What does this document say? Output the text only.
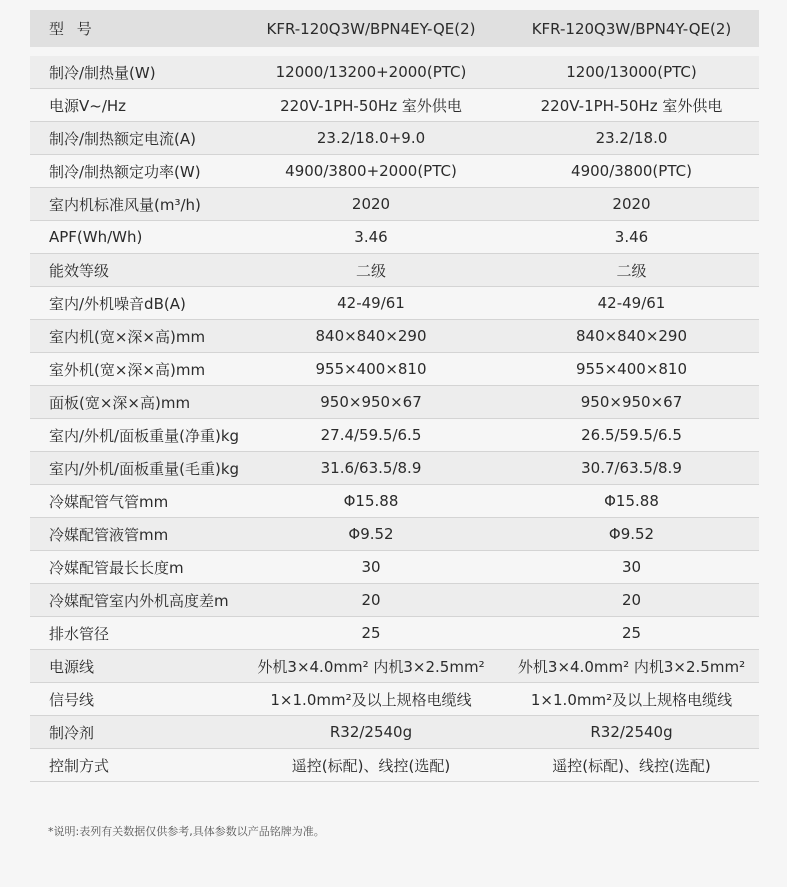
型 号	KFR-120Q3W/BPN4EY-QE(2)	KFR-120Q3W/BPN4Y-QE(2)
制冷/制热量(W)	12000/13200+2000(PTC)	1200/13000(PTC)
电源V~/Hz	220V-1PH-50Hz 室外供电	220V-1PH-50Hz 室外供电
制冷/制热额定电流(A)	23.2/18.0+9.0	23.2/18.0
制冷/制热额定功率(W)	4900/3800+2000(PTC)	4900/3800(PTC)
室内机标准风量(m³/h)	2020	2020
APF(Wh/Wh)	3.46	3.46
能效等级	二级	二级
室内/外机噪音dB(A)	42-49/61	42-49/61
室内机(宽×深×高)mm	840×840×290	840×840×290
室外机(宽×深×高)mm	955×400×810	955×400×810
面板(宽×深×高)mm	950×950×67	950×950×67
室内/外机/面板重量(净重)kg	27.4/59.5/6.5	26.5/59.5/6.5
室内/外机/面板重量(毛重)kg	31.6/63.5/8.9	30.7/63.5/8.9
冷媒配管气管mm	Φ15.88	Φ15.88
冷媒配管液管mm	Φ9.52	Φ9.52
冷媒配管最长长度m	30	30
冷媒配管室内外机高度差m	20	20
排水管径	25	25
电源线	外机3×4.0mm² 内机3×2.5mm²	外机3×4.0mm² 内机3×2.5mm²
信号线	1×1.0mm²及以上规格电缆线	1×1.0mm²及以上规格电缆线
制冷剂	R32/2540g	R32/2540g
控制方式	遥控(标配)、线控(选配)	遥控(标配)、线控(选配)
*说明:表列有关数据仅供参考,具体参数以产品铭牌为准。
